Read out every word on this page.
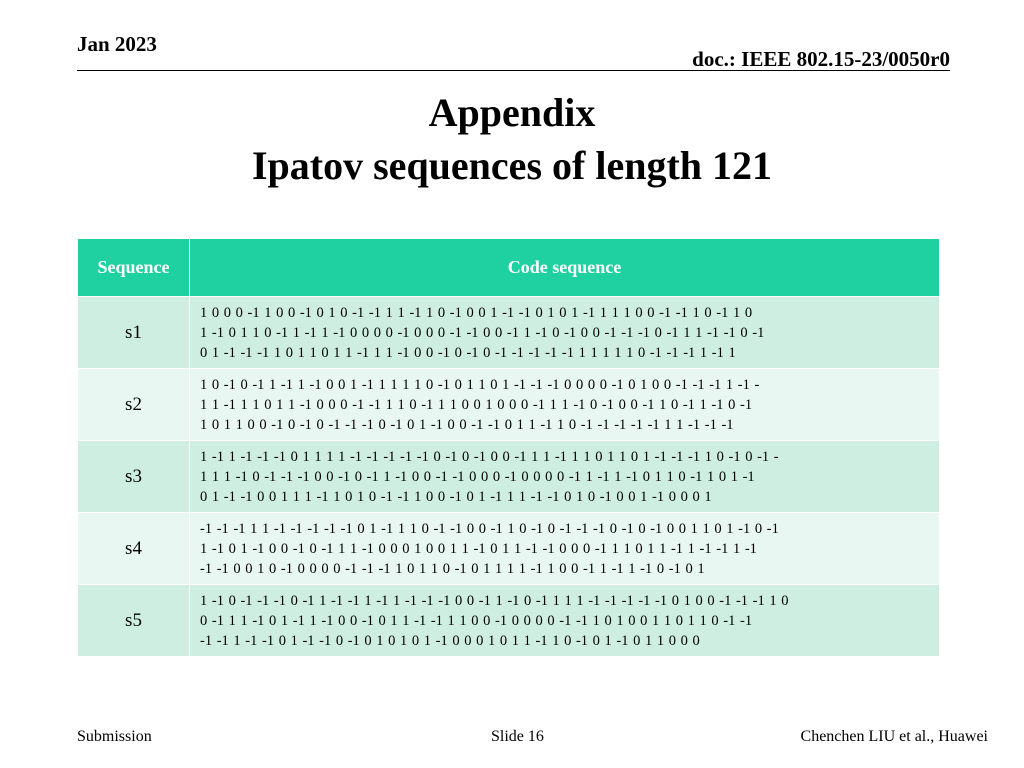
Jan 2023
doc.: IEEE 802.15-23/0050r0
Appendix
Ipatov sequences of length 121
Sequence	Code sequence
s1	1 0 0 0 -1 1 0 0 -1 0 1 0 -1 -1 1 1 -1 1 0 -1 0 0 1 -1 -1 0 1 0 1 -1 1 1 1 0 0 -1 -1 1 0 -1 1 0
1 -1 0 1 1 0 -1 1 -1 1 -1 0 0 0 0 -1 0 0 0 -1 -1 0 0 -1 1 -1 0 -1 0 0 -1 -1 -1 0 -1 1 1 -1 -1 0 -1
0 1 -1 -1 -1 1 0 1 1 0 1 1 -1 1 1 -1 0 0 -1 0 -1 0 -1 -1 -1 -1 -1 1 1 1 1 1 0 -1 -1 -1 1 -1 1

s2	1 0 -1 0 -1 1 -1 1 -1 0 0 1 -1 1 1 1 1 0 -1 0 1 1 0 1 -1 -1 -1 0 0 0 0 -1 0 1 0 0 -1 -1 -1 1 -1 -
1 1 -1 1 1 0 1 1 -1 0 0 0 -1 -1 1 1 0 -1 1 1 0 0 1 0 0 0 -1 1 1 -1 0 -1 0 0 -1 1 0 -1 1 -1 0 -1
1 0 1 1 0 0 -1 0 -1 0 -1 -1 -1 0 -1 0 1 -1 0 0 -1 -1 0 1 1 -1 1 0 -1 -1 -1 -1 -1 1 1 -1 -1 -1

s3	1 -1 1 -1 -1 -1 0 1 1 1 1 -1 -1 -1 -1 -1 0 -1 0 -1 0 0 -1 1 1 -1 1 1 0 1 1 0 1 -1 -1 -1 1 0 -1 0 -1 -
1 1 1 -1 0 -1 -1 -1 0 0 -1 0 -1 1 -1 0 0 -1 -1 0 0 0 -1 0 0 0 0 -1 1 -1 1 -1 0 1 1 0 -1 1 0 1 -1
0 1 -1 -1 0 0 1 1 1 -1 1 0 1 0 -1 -1 1 0 0 -1 0 1 -1 1 1 -1 -1 0 1 0 -1 0 0 1 -1 0 0 0 1

s4	-1 -1 -1 1 1 -1 -1 -1 -1 -1 0 1 -1 1 1 0 -1 -1 0 0 -1 1 0 -1 0 -1 -1 -1 0 -1 0 -1 0 0 1 1 0 1 -1 0 -1
1 -1 0 1 -1 0 0 -1 0 -1 1 1 -1 0 0 0 1 0 0 1 1 -1 0 1 1 -1 -1 0 0 0 -1 1 1 0 1 1 -1 1 -1 -1 1 -1
-1 -1 0 0 1 0 -1 0 0 0 0 -1 -1 -1 1 0 1 1 0 -1 0 1 1 1 1 -1 1 0 0 -1 1 -1 1 -1 0 -1 0 1

s5	1 -1 0 -1 -1 -1 0 -1 1 -1 -1 1 -1 1 -1 -1 -1 0 0 -1 1 -1 0 -1 1 1 1 -1 -1 -1 -1 -1 0 1 0 0 -1 -1 -1 1 0
0 -1 1 1 -1 0 1 -1 1 -1 0 0 -1 0 1 1 -1 -1 1 1 0 0 -1 0 0 0 0 -1 -1 1 0 1 0 0 1 1 0 1 1 0 -1 -1
-1 -1 1 -1 -1 0 1 -1 -1 0 -1 0 1 0 1 0 1 -1 0 0 0 1 0 1 1 -1 1 0 -1 0 1 -1 0 1 1 0 0 0
Submission	Slide 16	Chenchen LIU et al., Huawei
